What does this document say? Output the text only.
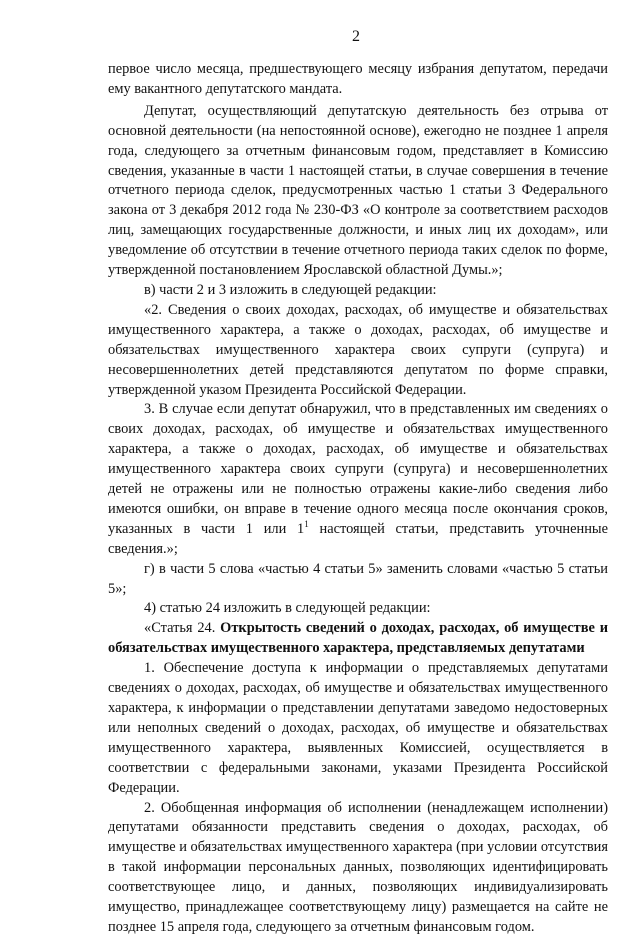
2

первое число месяца, предшествующего месяцу избрания депутатом, передачи ему вакантного депутатского мандата.

Депутат, осуществляющий депутатскую деятельность без отрыва от основной деятельности (на непостоянной основе), ежегодно не позднее 1 апреля года, следующего за отчетным финансовым годом, представляет в Комиссию сведения, указанные в части 1 настоящей статьи, в случае совершения в течение отчетного периода сделок, предусмотренных частью 1 статьи 3 Федерального закона от 3 декабря 2012 года № 230-ФЗ «О контроле за соответствием расходов лиц, замещающих государственные должности, и иных лиц их доходам», или уведомление об отсутствии в течение отчетного периода таких сделок по форме, утвержденной постановлением Ярославской областной Думы.»;

в) части 2 и 3 изложить в следующей редакции:

«2. Сведения о своих доходах, расходах, об имуществе и обязательствах имущественного характера, а также о доходах, расходах, об имуществе и обязательствах имущественного характера своих супруги (супруга) и несовершеннолетних детей представляются депутатом по форме справки, утвержденной указом Президента Российской Федерации.

3. В случае если депутат обнаружил, что в представленных им сведениях о своих доходах, расходах, об имуществе и обязательствах имущественного характера, а также о доходах, расходах, об имуществе и обязательствах имущественного характера своих супруги (супруга) и несовершеннолетних детей не отражены или не полностью отражены какие-либо сведения либо имеются ошибки, он вправе в течение одного месяца после окончания сроков, указанных в части 1 или $1^1$ настоящей статьи, представить уточненные сведения.»;

г) в части 5 слова «частью 4 статьи 5» заменить словами «частью 5 статьи 5»;

4) статью 24 изложить в следующей редакции:

«Статья 24. Открытость сведений о доходах, расходах, об имуществе и обязательствах имущественного характера, представляемых депутатами

1. Обеспечение доступа к информации о представляемых депутатами сведениях о доходах, расходах, об имуществе и обязательствах имущественного характера, к информации о представлении депутатами заведомо недостоверных или неполных сведений о доходах, расходах, об имуществе и обязательствах имущественного характера, выявленных Комиссией, осуществляется в соответствии с федеральными законами, указами Президента Российской Федерации.

2. Обобщенная информация об исполнении (ненадлежащем исполнении) депутатами обязанности представить сведения о доходах, расходах, об имуществе и обязательствах имущественного характера (при условии отсутствия в такой информации персональных данных, позволяющих идентифицировать соответствующее лицо, и данных, позволяющих индивидуализировать имущество, принадлежащее соответствующему лицу) размещается на сайте не позднее 15 апреля года, следующего за отчетным финансовым годом.
